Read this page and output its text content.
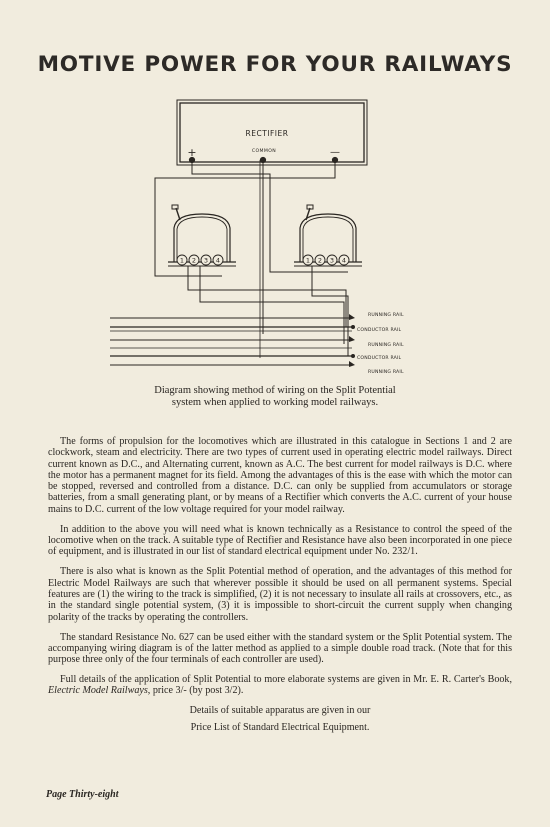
MOTIVE POWER FOR YOUR RAILWAYS
1 2 3 4	1 2 3 4
RECTIFIER
COMMON
+	—
RUNNING RAIL
CONDUCTOR RAIL
RUNNING RAIL
CONDUCTOR RAIL
RUNNING RAIL
Diagram showing method of wiring on the Split Potential
system when applied to working model railways.

The forms of propulsion for the locomotives which are illustrated in this catalogue in Sections 1 and 2 are clockwork, steam and electricity. There are two types of current used in operating electric model railways. Direct current known as D.C., and Alternating current, known as A.C. The best current for model railways is D.C. where the motor has a permanent magnet for its field. Among the advantages of this is the ease with which the motor can be stopped, reversed and controlled from a distance. D.C. can only be supplied from accumulators or storage batteries, from a small generating plant, or by means of a Rectifier which converts the A.C. current of your house mains to D.C. current of the low voltage required for your model railway.

In addition to the above you will need what is known technically as a Resistance to control the speed of the locomotive when on the track. A suitable type of Rectifier and Resistance have also been incorporated in one piece of equipment, and is illustrated in our list of standard electrical equipment under No. 232/1.

There is also what is known as the Split Potential method of operation, and the advantages of this method for Electric Model Railways are such that wherever possible it should be used on all permanent systems. Special features are (1) the wiring to the track is simplified, (2) it is not necessary to insulate all rails at crossovers, etc., as in the standard single potential system, (3) it is impossible to short-circuit the current supply when changing polarity of the tracks by operating the controllers.

The standard Resistance No. 627 can be used either with the standard system or the Split Potential system. The accompanying wiring diagram is of the latter method as applied to a simple double road track. (Note that for this purpose three only of the four terminals of each controller are used).

Full details of the application of Split Potential to more elaborate systems are given in Mr. E. R. Carter's Book, Electric Model Railways, price 3/- (by post 3/2).

Details of suitable apparatus are given in our

Price List of Standard Electrical Equipment.

Page Thirty-eight
